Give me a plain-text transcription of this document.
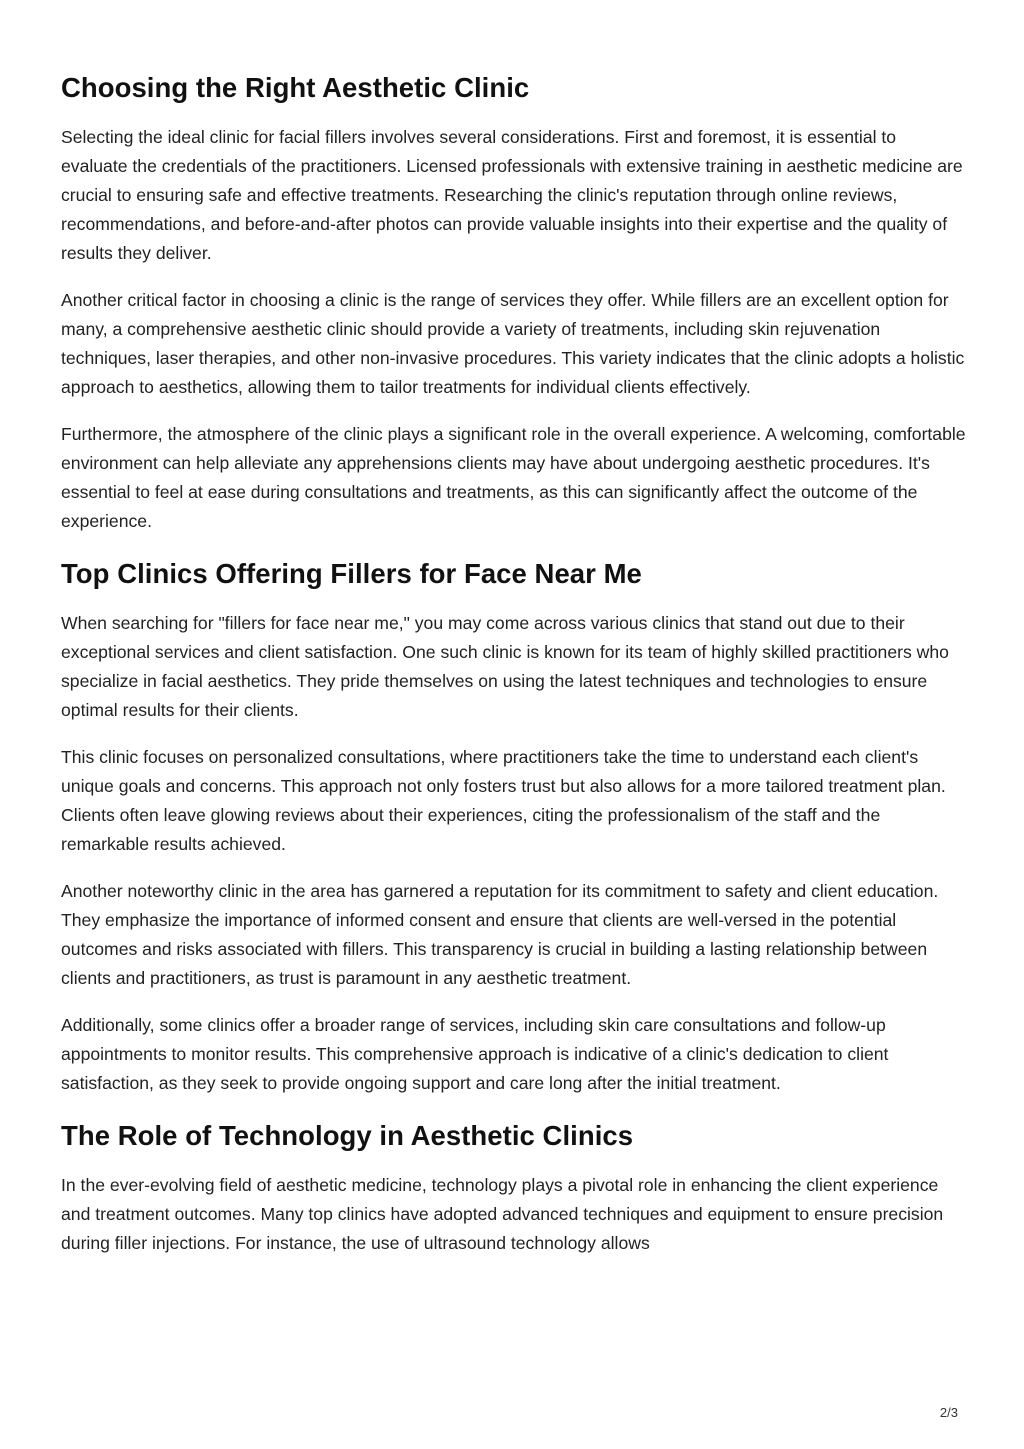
Choosing the Right Aesthetic Clinic

Selecting the ideal clinic for facial fillers involves several considerations. First and foremost, it is essential to evaluate the credentials of the practitioners. Licensed professionals with extensive training in aesthetic medicine are crucial to ensuring safe and effective treatments. Researching the clinic's reputation through online reviews, recommendations, and before-and-after photos can provide valuable insights into their expertise and the quality of results they deliver.

Another critical factor in choosing a clinic is the range of services they offer. While fillers are an excellent option for many, a comprehensive aesthetic clinic should provide a variety of treatments, including skin rejuvenation techniques, laser therapies, and other non-invasive procedures. This variety indicates that the clinic adopts a holistic approach to aesthetics, allowing them to tailor treatments for individual clients effectively.

Furthermore, the atmosphere of the clinic plays a significant role in the overall experience. A welcoming, comfortable environment can help alleviate any apprehensions clients may have about undergoing aesthetic procedures. It's essential to feel at ease during consultations and treatments, as this can significantly affect the outcome of the experience.

Top Clinics Offering Fillers for Face Near Me

When searching for "fillers for face near me," you may come across various clinics that stand out due to their exceptional services and client satisfaction. One such clinic is known for its team of highly skilled practitioners who specialize in facial aesthetics. They pride themselves on using the latest techniques and technologies to ensure optimal results for their clients.

This clinic focuses on personalized consultations, where practitioners take the time to understand each client's unique goals and concerns. This approach not only fosters trust but also allows for a more tailored treatment plan. Clients often leave glowing reviews about their experiences, citing the professionalism of the staff and the remarkable results achieved.

Another noteworthy clinic in the area has garnered a reputation for its commitment to safety and client education. They emphasize the importance of informed consent and ensure that clients are well-versed in the potential outcomes and risks associated with fillers. This transparency is crucial in building a lasting relationship between clients and practitioners, as trust is paramount in any aesthetic treatment.

Additionally, some clinics offer a broader range of services, including skin care consultations and follow-up appointments to monitor results. This comprehensive approach is indicative of a clinic's dedication to client satisfaction, as they seek to provide ongoing support and care long after the initial treatment.

The Role of Technology in Aesthetic Clinics

In the ever-evolving field of aesthetic medicine, technology plays a pivotal role in enhancing the client experience and treatment outcomes. Many top clinics have adopted advanced techniques and equipment to ensure precision during filler injections. For instance, the use of ultrasound technology allows

2/3
